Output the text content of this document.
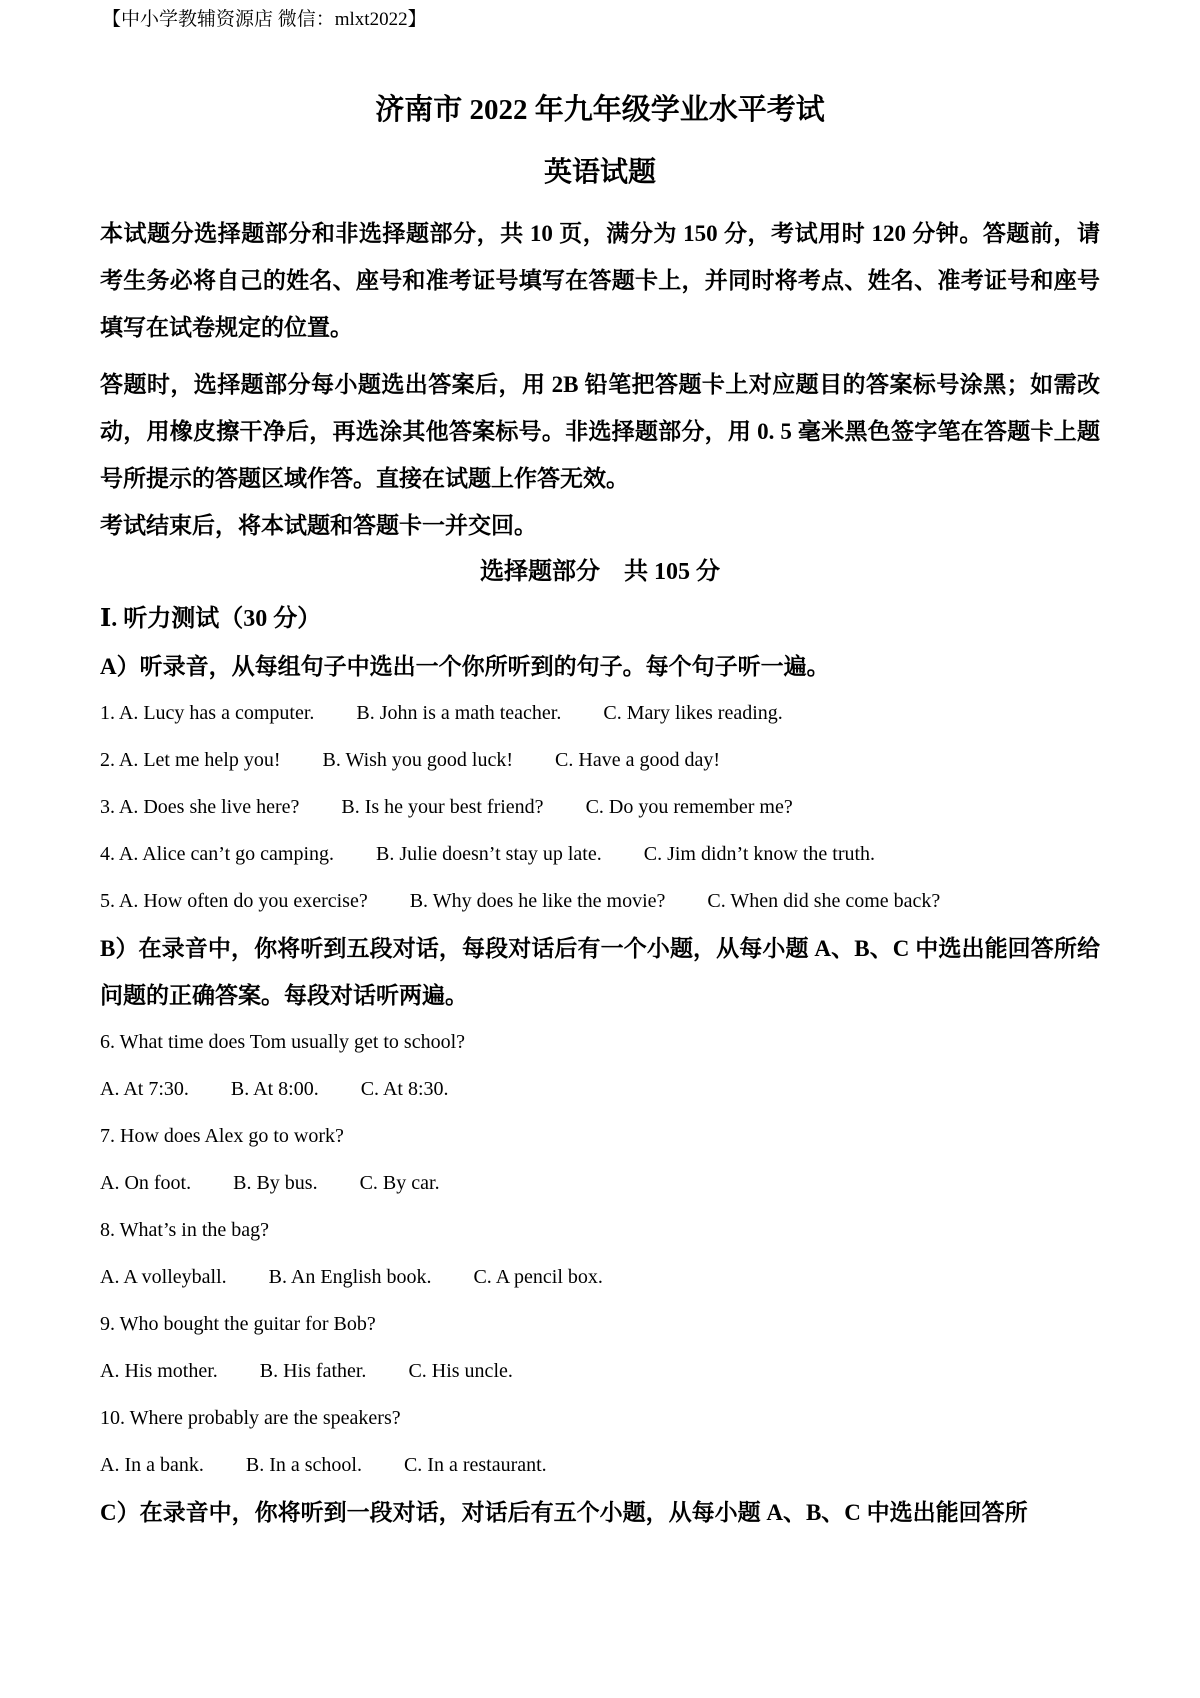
【中小学教辅资源店 微信：mlxt2022】
济南市 2022 年九年级学业水平考试
英语试题

本试题分选择题部分和非选择题部分，共 10 页，满分为 150 分，考试用时 120 分钟。答题前，请考生务必将自己的姓名、座号和准考证号填写在答题卡上，并同时将考点、姓名、准考证号和座号填写在试卷规定的位置。

答题时，选择题部分每小题选出答案后，用 2B 铅笔把答题卡上对应题目的答案标号涂黑；如需改动，用橡皮擦干净后，再选涂其他答案标号。非选择题部分，用 0. 5 毫米黑色签字笔在答题卡上题号所提示的答题区域作答。直接在试题上作答无效。

考试结束后，将本试题和答题卡一并交回。

选择题部分　共 105 分
Ⅰ. 听力测试（30 分）

A）听录音，从每组句子中选出一个你所听到的句子。每个句子听一遍。

1. A. Lucy has a computer. B. John is a math teacher. C. Mary likes reading.
2. A. Let me help you! B. Wish you good luck! C. Have a good day!
3. A. Does she live here? B. Is he your best friend? C. Do you remember me?
4. A. Alice can’t go camping. B. Julie doesn’t stay up late. C. Jim didn’t know the truth.
5. A. How often do you exercise? B. Why does he like the movie? C. When did she come back?

B）在录音中，你将听到五段对话，每段对话后有一个小题，从每小题 A、B、C 中选出能回答所给问题的正确答案。每段对话听两遍。

6. What time does Tom usually get to school?
A. At 7:30. B. At 8:00. C. At 8:30.
7. How does Alex go to work?
A. On foot. B. By bus. C. By car.
8. What’s in the bag?
A. A volleyball. B. An English book. C. A pencil box.
9. Who bought the guitar for Bob?
A. His mother. B. His father. C. His uncle.
10. Where probably are the speakers?
A. In a bank. B. In a school. C. In a restaurant.

C）在录音中，你将听到一段对话，对话后有五个小题，从每小题 A、B、C 中选出能回答所
